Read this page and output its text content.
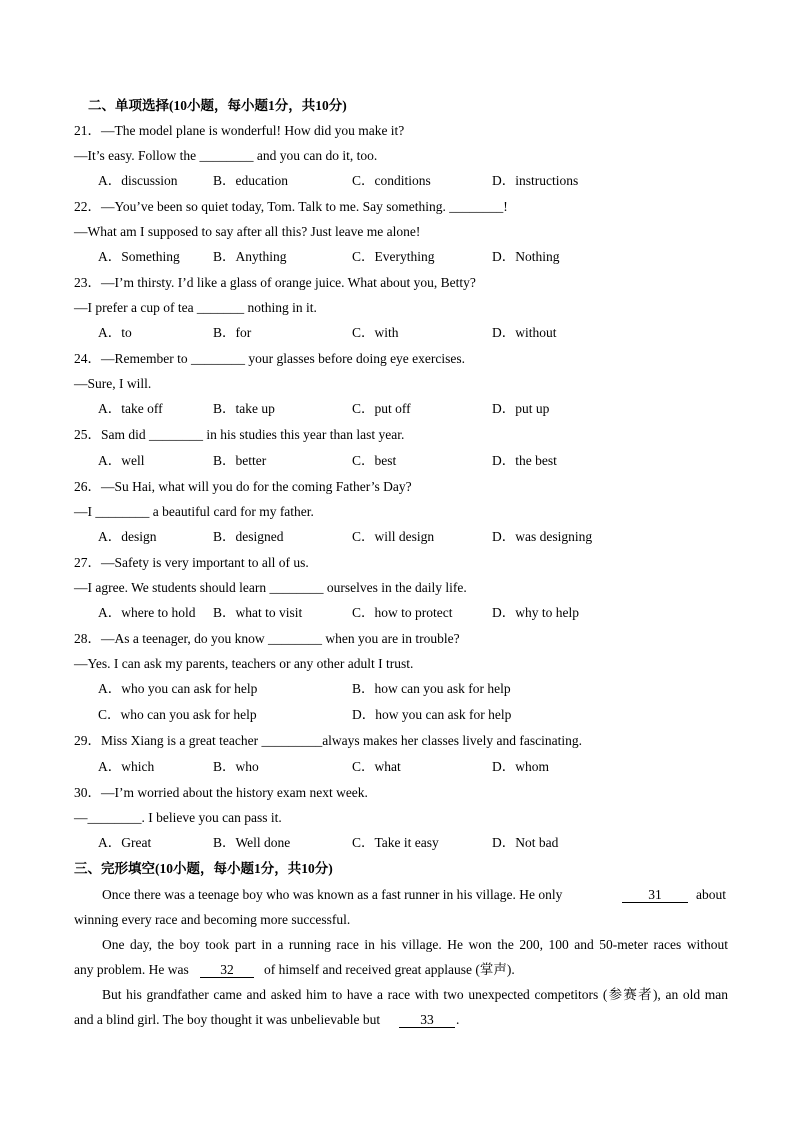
二、单项选择(10小题，每小题1分，共10分)
21．—The model plane is wonderful! How did you make it?
—It’s easy. Follow the ________ and you can do it, too.
A．discussion	B．education	C．conditions	D．instructions
22．—You’ve been so quiet today, Tom. Talk to me. Say something. ________!
—What am I supposed to say after all this? Just leave me alone!
A．Something B．Anything	C．Everything	D．Nothing
23．—I’m thirsty. I’d like a glass of orange juice. What about you, Betty?
—I prefer a cup of tea _______ nothing in it.
A．to	B．for	C．with	D．without
24．—Remember to ________ your glasses before doing eye exercises.
—Sure, I will.
A．take off	B．take up	C．put off	D．put up
25．Sam did ________ in his studies this year than last year.
A．well	B．better	C．best	D．the best
26．—Su Hai, what will you do for the coming Father’s Day?
—I ________ a beautiful card for my father.
A．design	B．designed	C．will design	D．was designing
27．—Safety is very important to all of us.
—I agree. We students should learn ________ ourselves in the daily life.
A．where to hold B．what to visit	C．how to protect	D．why to help
28．—As a teenager, do you know ________ when you are in trouble?
—Yes. I can ask my parents, teachers or any other adult I trust.
A．who you can ask for help	B．how can you ask for help
C．who can you ask for help	D．how you can ask for help
29．Miss Xiang is a great teacher _________always makes her classes lively and fascinating.
A．which	B．who	C．what	D．whom
30．—I’m worried about the history exam next week.
—________. I believe you can pass it.
A．Great	B．Well done	C．Take it easy	D．Not bad
三、完形填空(10小题，每小题1分，共10分)
Once there was a teenage boy who was known as a fast runner in his village. He only	31	about
winning every race and becoming more successful.
One day, the boy took part in a running race in his village. He won the 200, 100 and 50-meter races without
any problem. He was	32	of himself and received great applause (掌声).
But his grandfather came and asked him to have a race with two unexpected competitors (参赛者), an old man
and a blind girl. The boy thought it was unbelievable but	33	.
